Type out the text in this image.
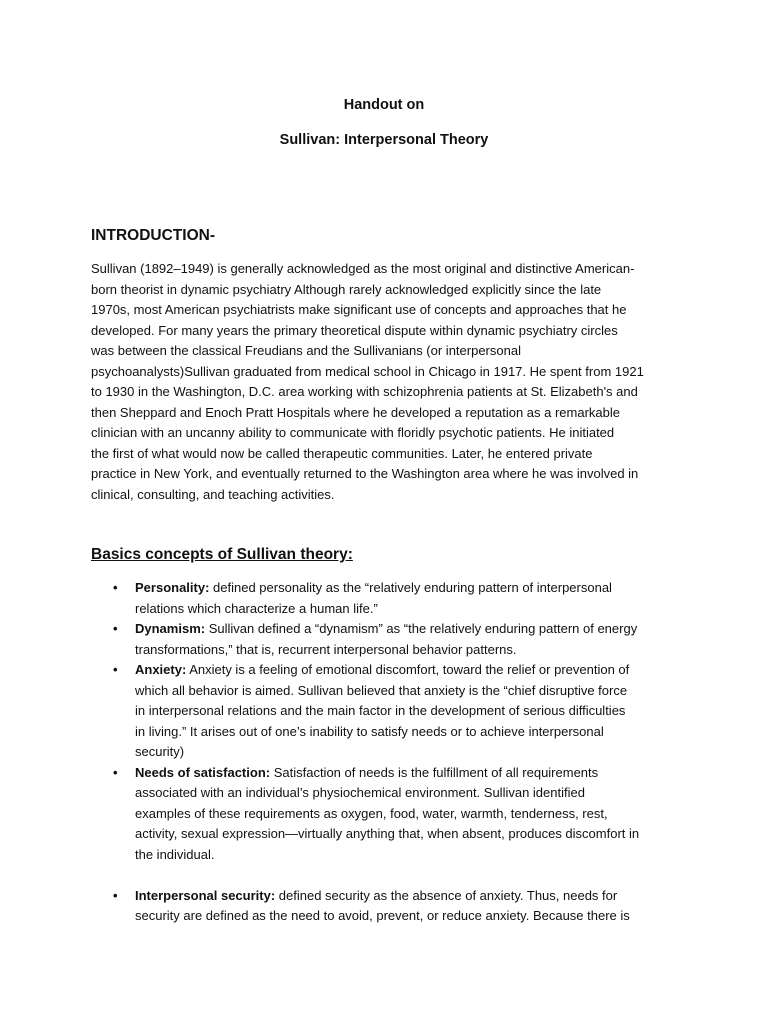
Handout on
Sullivan: Interpersonal Theory
INTRODUCTION-
Sullivan (1892–1949) is generally acknowledged as the most original and distinctive American-
born theorist in dynamic psychiatry Although rarely acknowledged explicitly since the late
1970s, most American psychiatrists make significant use of concepts and approaches that he
developed. For many years the primary theoretical dispute within dynamic psychiatry circles
was between the classical Freudians and the Sullivanians (or interpersonal
psychoanalysts)Sullivan graduated from medical school in Chicago in 1917. He spent from 1921
to 1930 in the Washington, D.C. area working with schizophrenia patients at St. Elizabeth's and
then Sheppard and Enoch Pratt Hospitals where he developed a reputation as a remarkable
clinician with an uncanny ability to communicate with floridly psychotic patients. He initiated
the first of what would now be called therapeutic communities. Later, he entered private
practice in New York, and eventually returned to the Washington area where he was involved in
clinical, consulting, and teaching activities.
Basics concepts of Sullivan theory:
• Personality: defined personality as the “relatively enduring pattern of interpersonal
relations which characterize a human life.”
• Dynamism: Sullivan defined a “dynamism” as “the relatively enduring pattern of energy
transformations,” that is, recurrent interpersonal behavior patterns.
• Anxiety: Anxiety is a feeling of emotional discomfort, toward the relief or prevention of
which all behavior is aimed. Sullivan believed that anxiety is the “chief disruptive force
in interpersonal relations and the main factor in the development of serious difficulties
in living.” It arises out of one’s inability to satisfy needs or to achieve interpersonal
security)
• Needs of satisfaction: Satisfaction of needs is the fulfillment of all requirements
associated with an individual’s physiochemical environment. Sullivan identified
examples of these requirements as oxygen, food, water, warmth, tenderness, rest,
activity, sexual expression—virtually anything that, when absent, produces discomfort in
the individual.
• Interpersonal security: defined security as the absence of anxiety. Thus, needs for
security are defined as the need to avoid, prevent, or reduce anxiety. Because there is
